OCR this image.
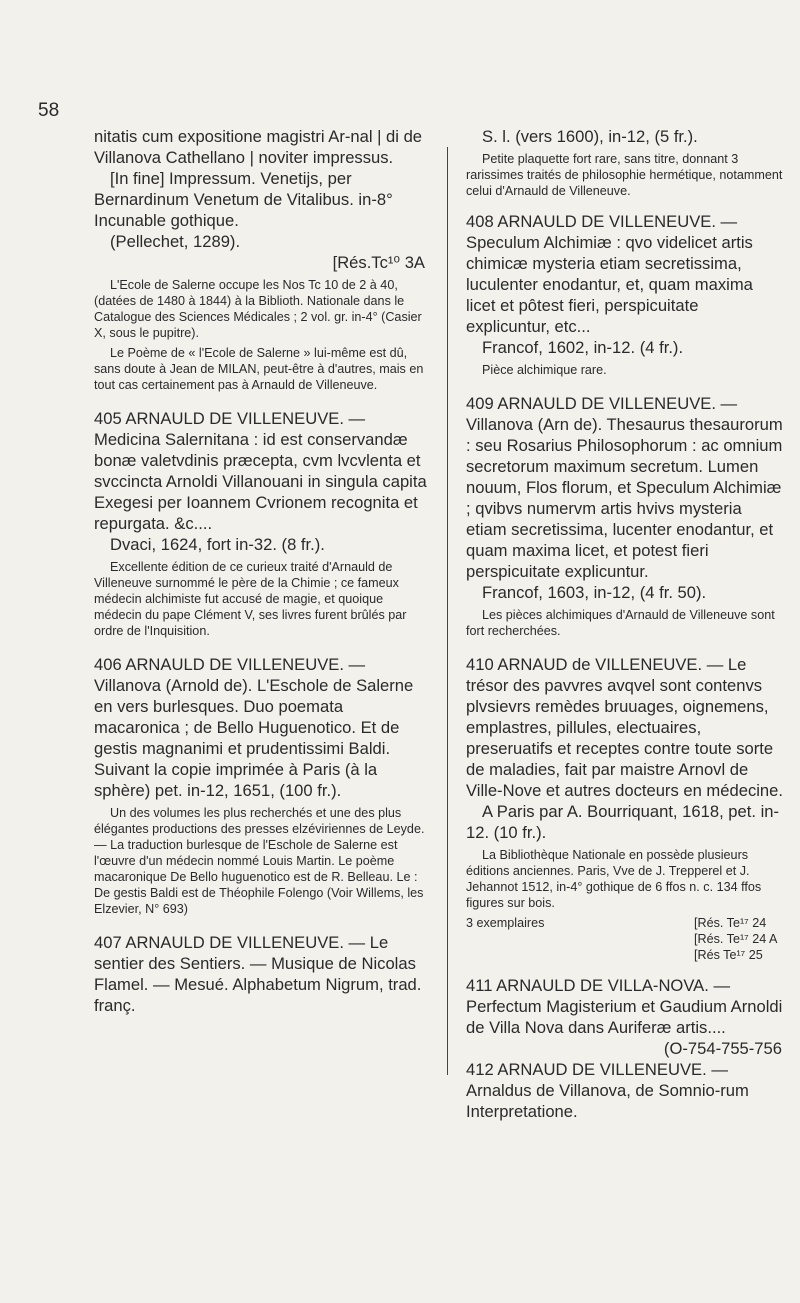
58

nitatis cum expositione magistri Ar-nal | di de Villanova Cathellano | noviter impressus.

[In fine] Impressum. Venetijs, per Bernardinum Venetum de Vitalibus. in-8° Incunable gothique.

(Pellechet, 1289).

[Rés.Tc¹⁰ 3A

L'Ecole de Salerne occupe les Nos Tc 10 de 2 à 40, (datées de 1480 à 1844) à la Biblioth. Nationale dans le Catalogue des Sciences Médicales ; 2 vol. gr. in-4° (Casier X, sous le pupitre).

Le Poème de « l'Ecole de Salerne » lui-même est dû, sans doute à Jean de MILAN, peut-être à d'autres, mais en tout cas certainement pas à Arnauld de Villeneuve.

405 ARNAULD DE VILLENEUVE. — Medicina Salernitana : id est conservandæ bonæ valetvdinis præcepta, cvm lvcvlenta et svccincta Arnoldi Villanouani in singula capita Exegesi per Ioannem Cvrionem recognita et repurgata. &c....

Dvaci, 1624, fort in-32. (8 fr.).

Excellente édition de ce curieux traité d'Arnauld de Villeneuve surnommé le père de la Chimie ; ce fameux médecin alchimiste fut accusé de magie, et quoique médecin du pape Clément V, ses livres furent brûlés par ordre de l'Inquisition.

406 ARNAULD DE VILLENEUVE. — Villanova (Arnold de). L'Eschole de Salerne en vers burlesques. Duo poemata macaronica ; de Bello Huguenotico. Et de gestis magnanimi et prudentissimi Baldi. Suivant la copie imprimée à Paris (à la sphère) pet. in-12, 1651, (100 fr.).

Un des volumes les plus recherchés et une des plus élégantes productions des presses elzéviriennes de Leyde. — La traduction burlesque de l'Eschole de Salerne est l'œuvre d'un médecin nommé Louis Martin. Le poème macaronique De Bello huguenotico est de R. Belleau. Le : De gestis Baldi est de Théophile Folengo (Voir Willems, les Elzevier, N° 693)

407 ARNAULD DE VILLENEUVE. — Le sentier des Sentiers. — Musique de Nicolas Flamel. — Mesué. Alphabetum Nigrum, trad. franç.

S. l. (vers 1600), in-12, (5 fr.).

Petite plaquette fort rare, sans titre, donnant 3 rarissimes traités de philosophie hermétique, notamment celui d'Arnauld de Villeneuve.

408 ARNAULD DE VILLENEUVE. — Speculum Alchimiæ : qvo videlicet artis chimicæ mysteria etiam secretissima, luculenter enodantur, et, quam maxima licet et pôtest fieri, perspicuitate explicuntur, etc...

Francof, 1602, in-12. (4 fr.).

Pièce alchimique rare.

409 ARNAULD DE VILLENEUVE. — Villanova (Arn de). Thesaurus thesaurorum : seu Rosarius Philosophorum : ac omnium secretorum maximum secretum. Lumen nouum, Flos florum, et Speculum Alchimiæ ; qvibvs numervm artis hvivs mysteria etiam secretissima, lucenter enodantur, et quam maxima licet, et potest fieri perspicuitate explicuntur.

Francof, 1603, in-12, (4 fr. 50).

Les pièces alchimiques d'Arnauld de Villeneuve sont fort recherchées.

410 ARNAUD de VILLENEUVE. — Le trésor des pavvres avqvel sont contenvs plvsievrs remèdes bruuages, oignemens, emplastres, pillules, electuaires, preseruatifs et receptes contre toute sorte de maladies, fait par maistre Arnovl de Ville-Nove et autres docteurs en médecine.

A Paris par A. Bourriquant, 1618, pet. in-12. (10 fr.).

La Bibliothèque Nationale en possède plusieurs éditions anciennes. Paris, Vve de J. Trepperel et J. Jehannot 1512, in-4° gothique de 6 ffos n. c. 134 ffos figures sur bois.

3 exemplaires	[Rés. Te¹⁷ 24
[Rés. Te¹⁷ 24 A
[Rés Te¹⁷ 25

411 ARNAULD DE VILLA-NOVA. — Perfectum Magisterium et Gaudium Arnoldi de Villa Nova dans Auriferæ artis....

(O-754-755-756

412 ARNAUD DE VILLENEUVE. — Arnaldus de Villanova, de Somnio-rum Interpretatione.
